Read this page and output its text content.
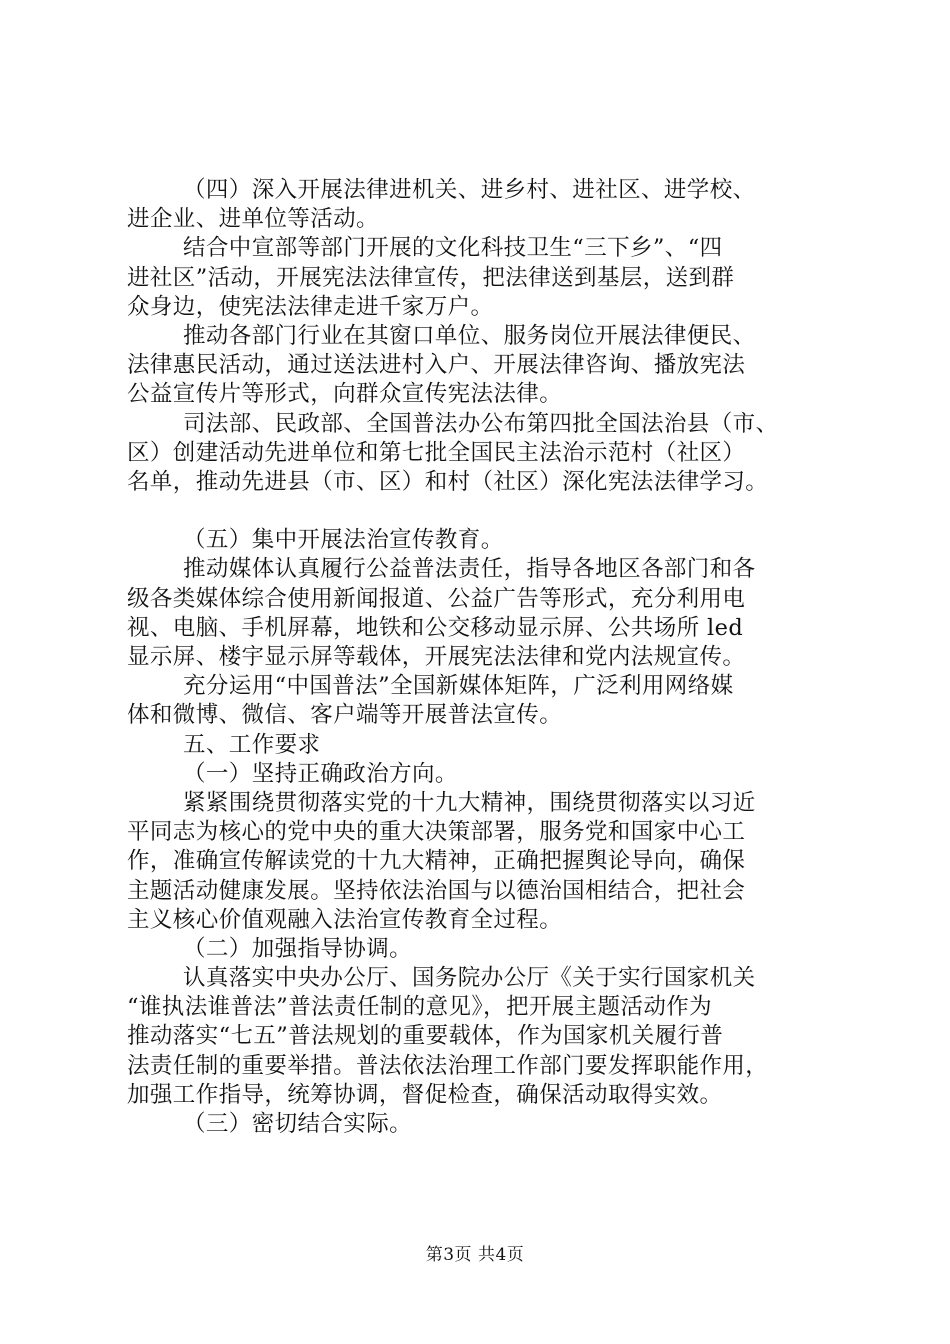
（四）深入开展法律进机关、进乡村、进社区、进学校、
进企业、进单位等活动。
结合中宣部等部门开展的文化科技卫生“三下乡”、“四
进社区”活动，开展宪法法律宣传，把法律送到基层，送到群
众身边，使宪法法律走进千家万户。
推动各部门行业在其窗口单位、服务岗位开展法律便民、
法律惠民活动，通过送法进村入户、开展法律咨询、播放宪法
公益宣传片等形式，向群众宣传宪法法律。
司法部、民政部、全国普法办公布第四批全国法治县（市、
区）创建活动先进单位和第七批全国民主法治示范村（社区）
名单，推动先进县（市、区）和村（社区）深化宪法法律学习。
（五）集中开展法治宣传教育。
推动媒体认真履行公益普法责任，指导各地区各部门和各
级各类媒体综合使用新闻报道、公益广告等形式，充分利用电
视、电脑、手机屏幕，地铁和公交移动显示屏、公共场所 led
显示屏、楼宇显示屏等载体，开展宪法法律和党内法规宣传。
充分运用“中国普法”全国新媒体矩阵，广泛利用网络媒
体和微博、微信、客户端等开展普法宣传。
五、工作要求
（一）坚持正确政治方向。
紧紧围绕贯彻落实党的十九大精神，围绕贯彻落实以习近
平同志为核心的党中央的重大决策部署，服务党和国家中心工
作，准确宣传解读党的十九大精神，正确把握舆论导向，确保
主题活动健康发展。坚持依法治国与以德治国相结合，把社会
主义核心价值观融入法治宣传教育全过程。
（二）加强指导协调。
认真落实中央办公厅、国务院办公厅《关于实行国家机关
“谁执法谁普法”普法责任制的意见》，把开展主题活动作为
推动落实“七五”普法规划的重要载体，作为国家机关履行普
法责任制的重要举措。普法依法治理工作部门要发挥职能作用，
加强工作指导，统筹协调，督促检查，确保活动取得实效。
（三）密切结合实际。
第3页 共4页
